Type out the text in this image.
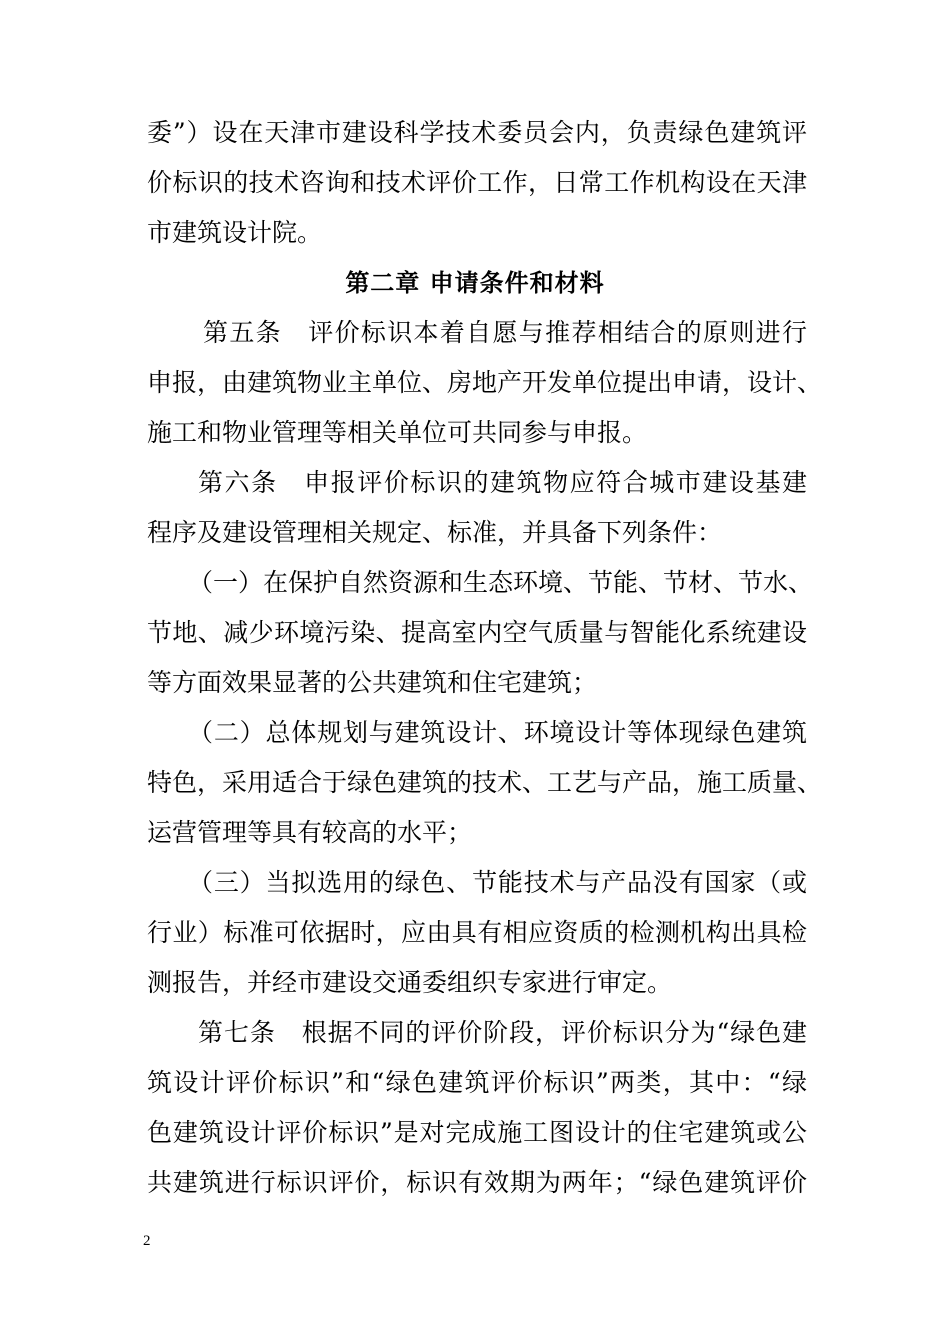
委”）设在天津市建设科学技术委员会内，负责绿色建筑评
价标识的技术咨询和技术评价工作，日常工作机构设在天津
市建筑设计院。
第二章 申请条件和材料
第五条　评价标识本着自愿与推荐相结合的原则进行
申报，由建筑物业主单位、房地产开发单位提出申请，设计、
施工和物业管理等相关单位可共同参与申报。
第六条　申报评价标识的建筑物应符合城市建设基建
程序及建设管理相关规定、标准，并具备下列条件：
（一）在保护自然资源和生态环境、节能、节材、节水、
节地、减少环境污染、提高室内空气质量与智能化系统建设
等方面效果显著的公共建筑和住宅建筑；
（二）总体规划与建筑设计、环境设计等体现绿色建筑
特色，采用适合于绿色建筑的技术、工艺与产品，施工质量、
运营管理等具有较高的水平；
（三）当拟选用的绿色、节能技术与产品没有国家（或
行业）标准可依据时，应由具有相应资质的检测机构出具检
测报告，并经市建设交通委组织专家进行审定。
第七条　根据不同的评价阶段，评价标识分为“绿色建
筑设计评价标识”和“绿色建筑评价标识”两类，其中：“绿
色建筑设计评价标识”是对完成施工图设计的住宅建筑或公
共建筑进行标识评价，标识有效期为两年；“绿色建筑评价
2
